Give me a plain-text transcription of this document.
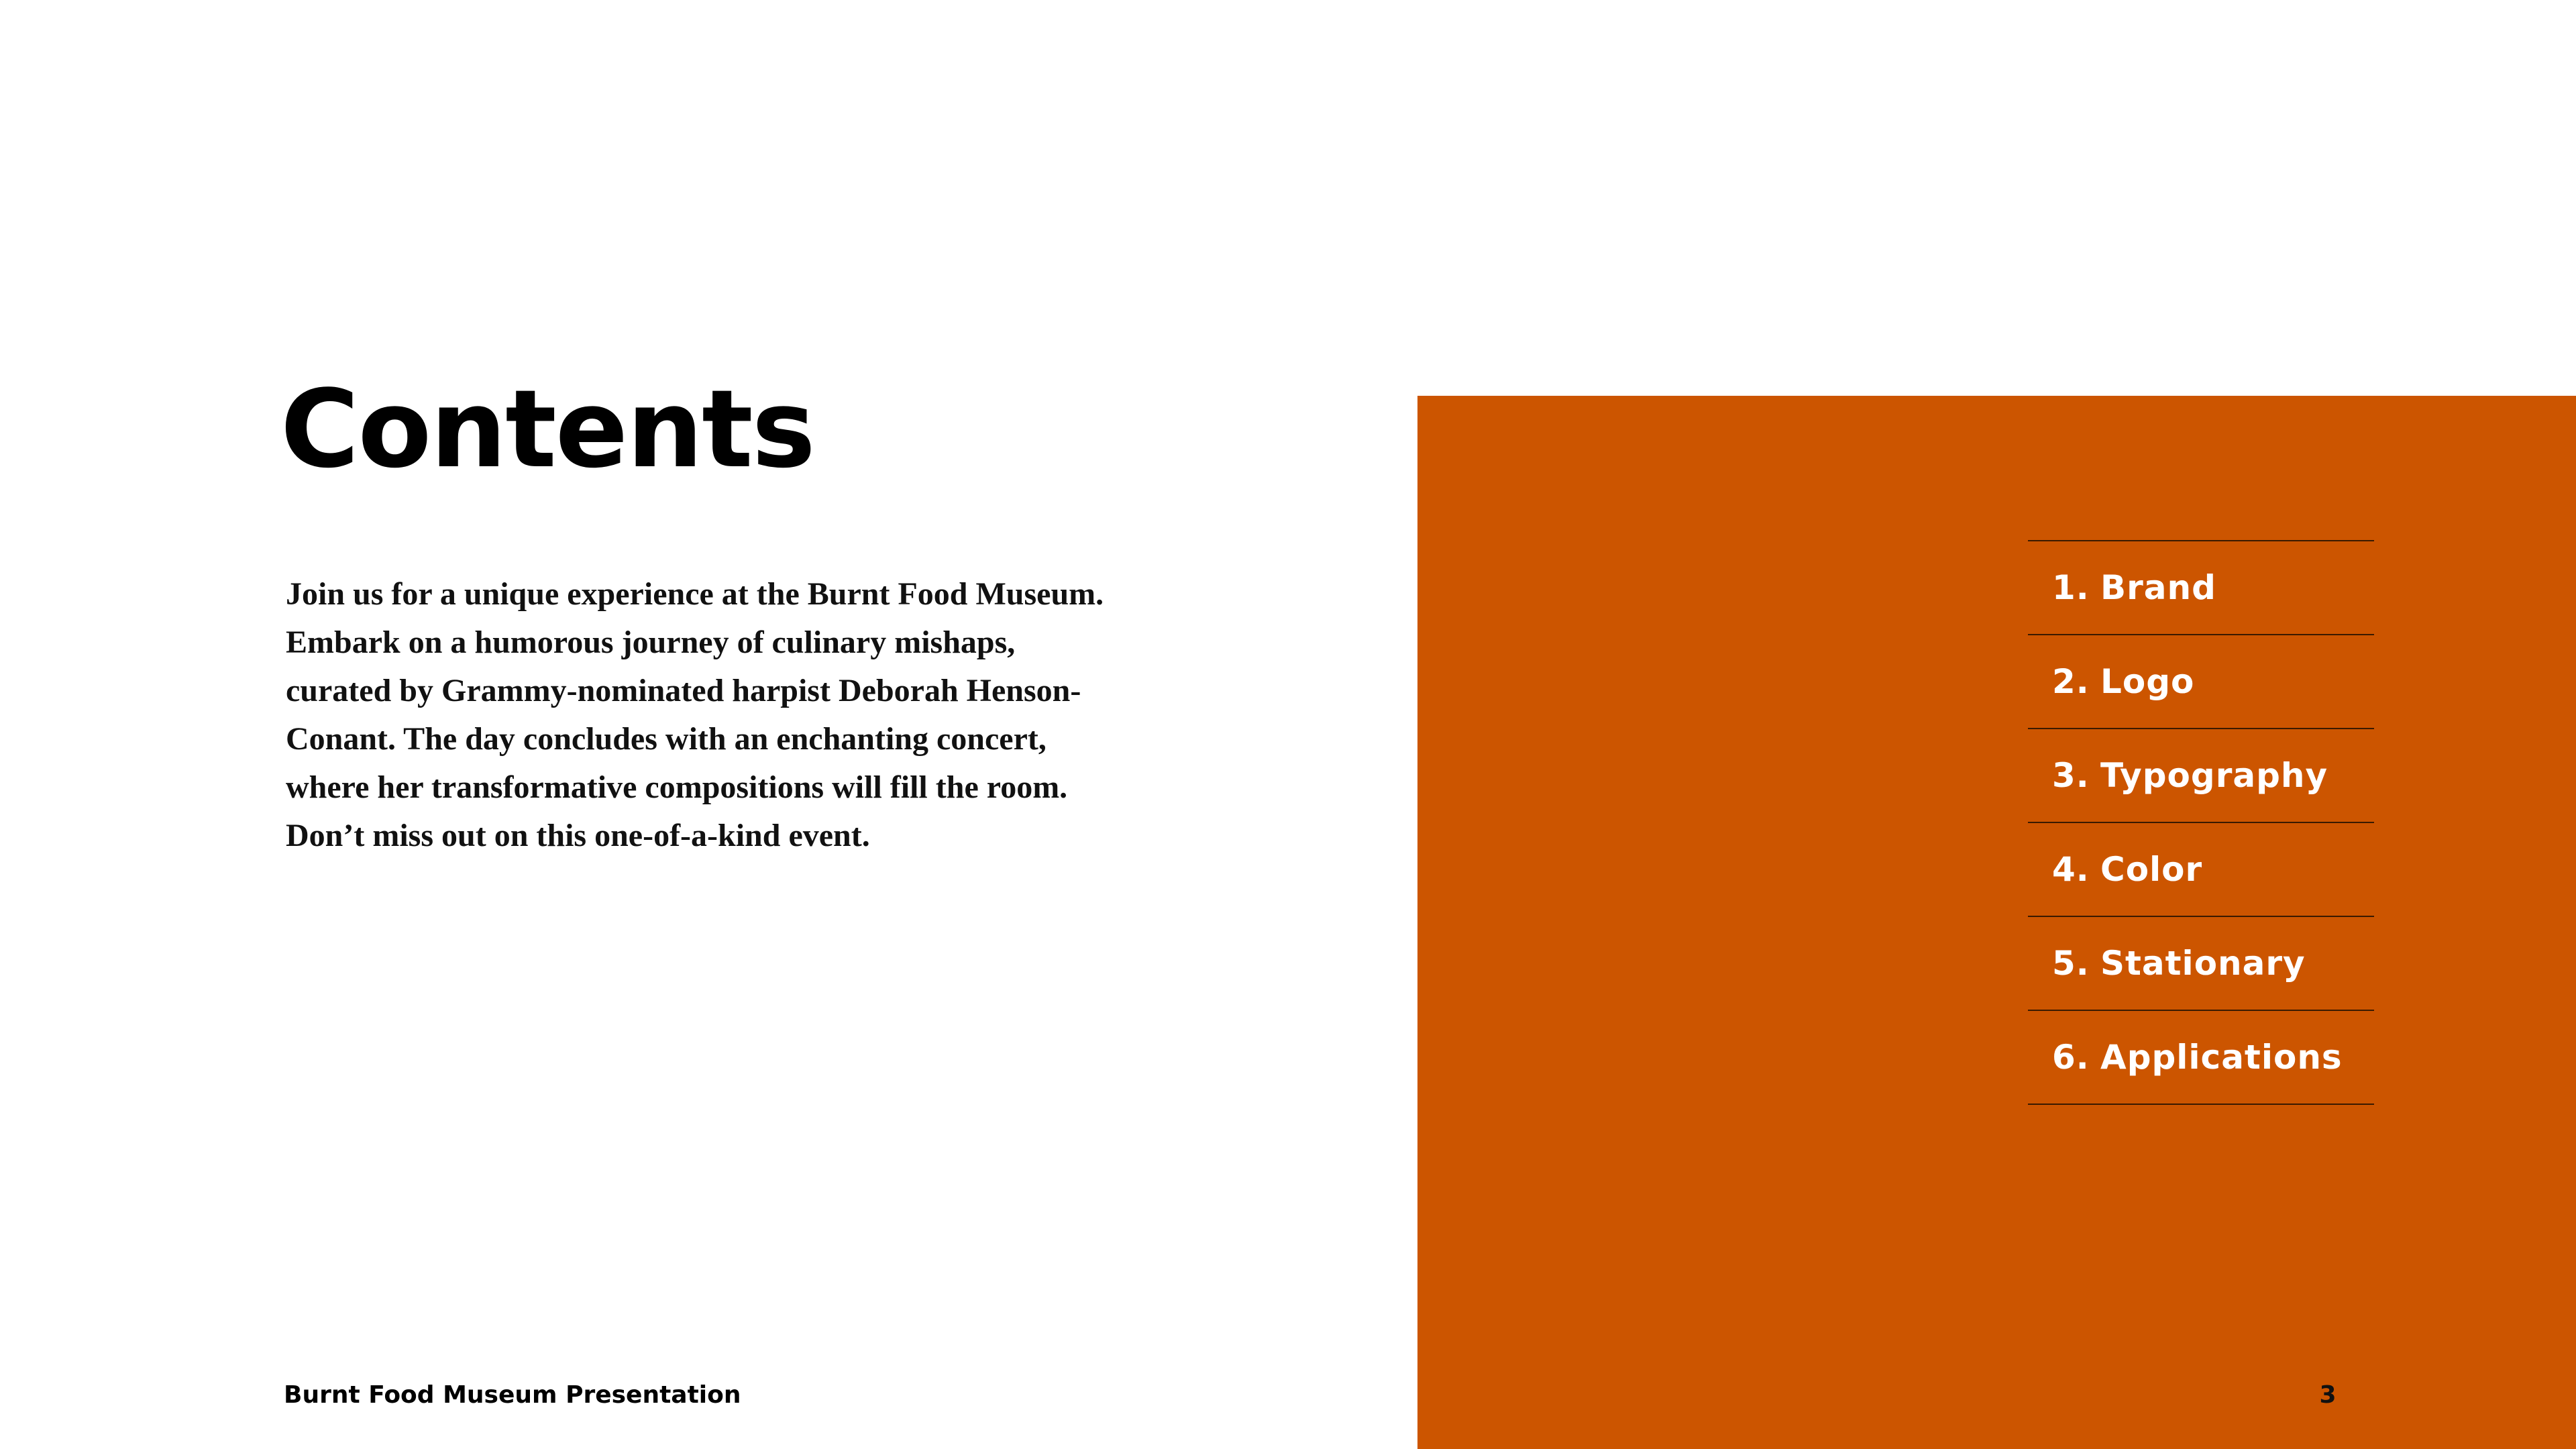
Contents

Join us for a unique experience at the Burnt Food Museum. Embark on a humorous journey of culinary mishaps, curated by Grammy-nominated harpist Deborah Henson-Conant. The day concludes with an enchanting concert, where her transformative compositions will fill the room. Don’t miss out on this one-of-a-kind event.

1. Brand
2. Logo
3. Typography
4. Color
5. Stationary
6. Applications

Burnt Food Museum Presentation	3
